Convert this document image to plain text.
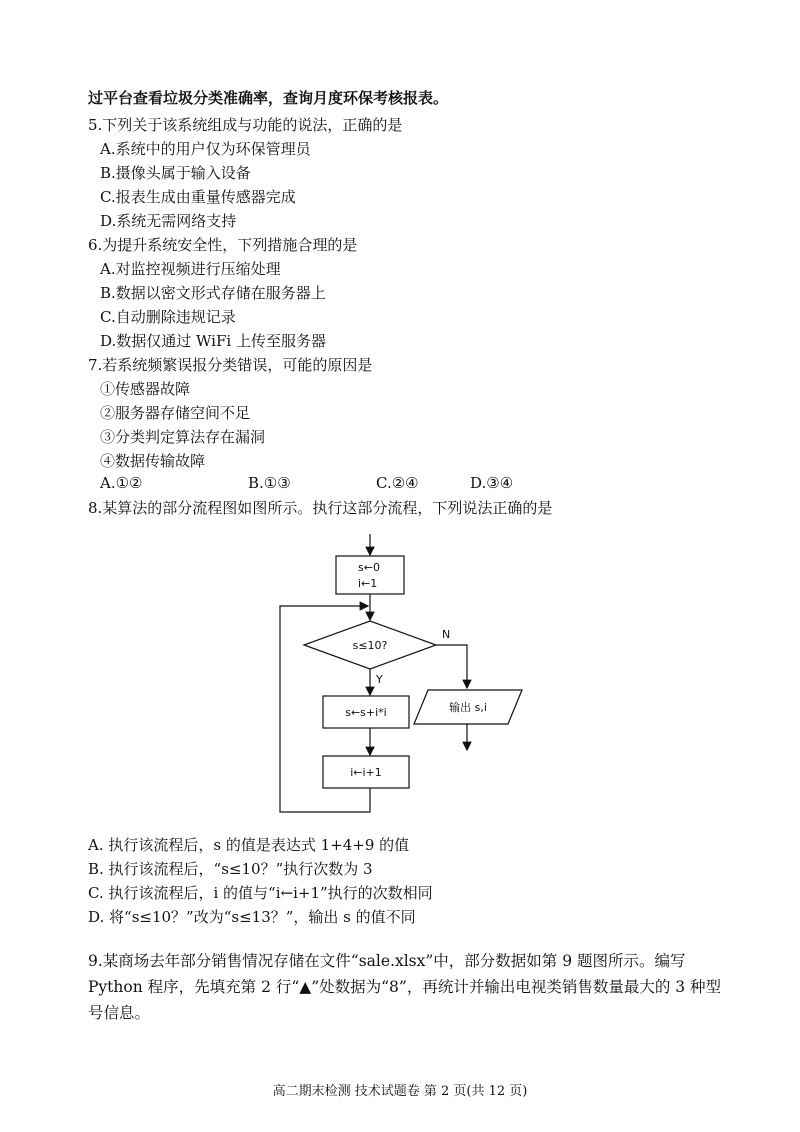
过平台查看垃圾分类准确率，查询月度环保考核报表。
5.下列关于该系统组成与功能的说法，正确的是
A.系统中的用户仅为环保管理员
B.摄像头属于输入设备
C.报表生成由重量传感器完成
D.系统无需网络支持
6.为提升系统安全性，下列措施合理的是
A.对监控视频进行压缩处理
B.数据以密文形式存储在服务器上
C.自动删除违规记录
D.数据仅通过 WiFi 上传至服务器
7.若系统频繁误报分类错误，可能的原因是
①传感器故障
②服务器存储空间不足
③分类判定算法存在漏洞
④数据传输故障
A.①②	B.①③	C.②④	D.③④
8.某算法的部分流程图如图所示。执行这部分流程，下列说法正确的是
s←0
i←1
s≤10?
Y
N
s←s+i*i
i←i+1
输出 s,i
A. 执行该流程后，s 的值是表达式 1+4+9 的值
B. 执行该流程后，“s≤10？”执行次数为 3
C. 执行该流程后，i 的值与“i←i+1”执行的次数相同
D. 将“s≤10？”改为“s≤13？”，输出 s 的值不同
9.某商场去年部分销售情况存储在文件“sale.xlsx”中，部分数据如第 9 题图所示。编写 Python 程序，先填充第 2 行“▲”处数据为“8”，再统计并输出电视类销售数量最大的 3 种型号信息。
高二期末检测 技术试题卷 第 2 页(共 12 页)
